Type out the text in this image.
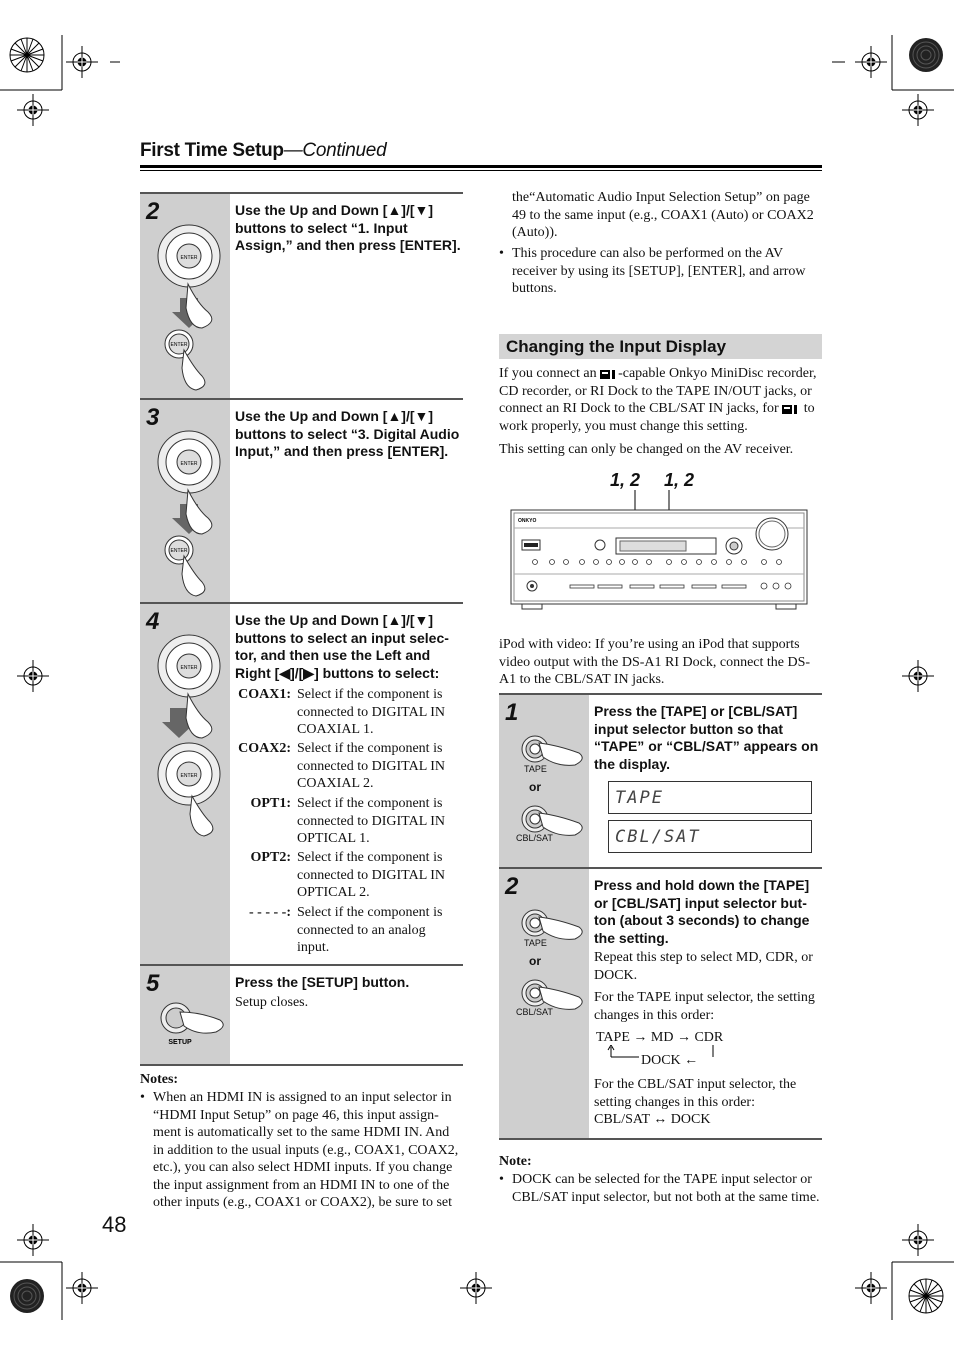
First Time Setup—Continued
2
ENTER
ENTER
Use the Up and Down [▲]/[▼] buttons to select “1. Input Assign,” and then press [ENTER].
3
ENTER
ENTER
Use the Up and Down [▲]/[▼] buttons to select “3. Digital Audio Input,” and then press [ENTER].
4
ENTER
ENTER
Use the Up and Down [▲]/[▼] buttons to select an input selector, and then use the Left and Right [◀]/[▶] buttons to select:
COAX1: Select if the component is connected to DIGITAL IN COAXIAL 1.
COAX2: Select if the component is connected to DIGITAL IN COAXIAL 2.
OPT1: Select if the component is connected to DIGITAL IN OPTICAL 1.
OPT2: Select if the component is connected to DIGITAL IN OPTICAL 2.
- - - - -: Select if the component is connected to an analog input.
5
SETUP
Press the [SETUP] button.
Setup closes.
Notes:
• When an HDMI IN is assigned to an input selector in “HDMI Input Setup” on page 46, this input assignment is automatically set to the same HDMI IN. And in addition to the usual inputs (e.g., COAX1, COAX2, etc.), you can also select HDMI inputs. If you change the input assignment from an HDMI IN to one of the other inputs (e.g., COAX1 or COAX2), be sure to set
the“Automatic Audio Input Selection Setup” on page 49 to the same input (e.g., COAX1 (Auto) or COAX2 (Auto)).
• This procedure can also be performed on the AV receiver by using its [SETUP], [ENTER], and arrow buttons.
Changing the Input Display
If you connect an -capable Onkyo MiniDisc recorder, CD recorder, or RI Dock to the TAPE IN/OUT jacks, or connect an RI Dock to the CBL/SAT IN jacks, for to work properly, you must change this setting.
This setting can only be changed on the AV receiver.
1, 2 1, 2
ONKYO
iPod with video: If you’re using an iPod that supports video output with the DS-A1 RI Dock, connect the DS-A1 to the CBL/SAT IN jacks.
1
TAPE
or
CBL/SAT
Press the [TAPE] or [CBL/SAT] input selector button so that “TAPE” or “CBL/SAT” appears on the display.
TAPE
CBL/SAT
2
TAPE
or
CBL/SAT
Press and hold down the [TAPE] or [CBL/SAT] input selector button (about 3 seconds) to change the setting.
Repeat this step to select MD, CDR, or DOCK.
For the TAPE input selector, the setting changes in this order:
TAPE → MD → CDR
DOCK ←
For the CBL/SAT input selector, the setting changes in this order:
CBL/SAT ↔ DOCK
Note:
• DOCK can be selected for the TAPE input selector or CBL/SAT input selector, but not both at the same time.
48
